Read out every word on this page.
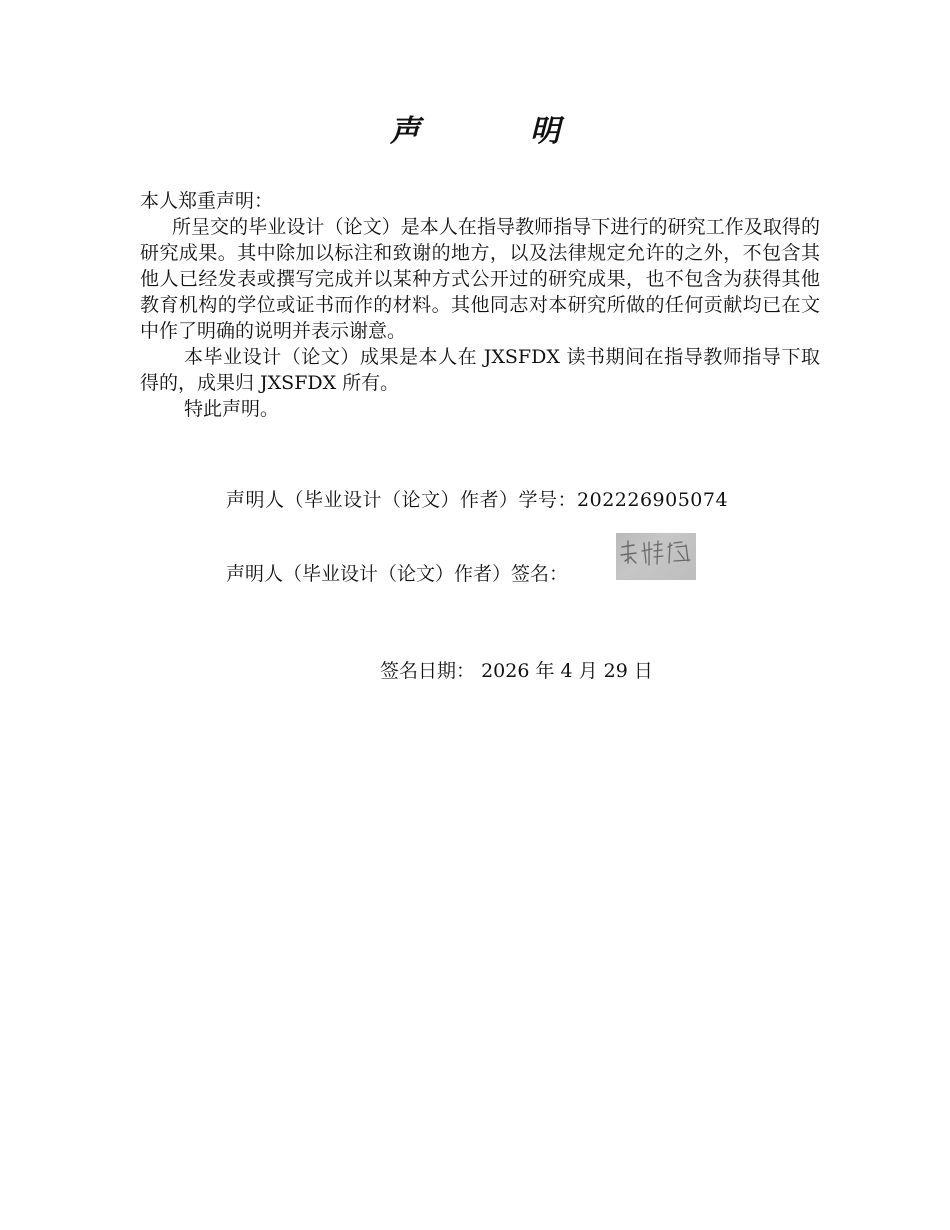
声　明

本人郑重声明：

所呈交的毕业设计（论文）是本人在指导教师指导下进行的研究工作及取得的研究成果。其中除加以标注和致谢的地方，以及法律规定允许的之外，不包含其他人已经发表或撰写完成并以某种方式公开过的研究成果，也不包含为获得其他教育机构的学位或证书而作的材料。其他同志对本研究所做的任何贡献均已在文中作了明确的说明并表示谢意。

本毕业设计（论文）成果是本人在 JXSFDX 读书期间在指导教师指导下取得的，成果归 JXSFDX 所有。

特此声明。

声明人（毕业设计（论文）作者）学号：202226905074
声明人（毕业设计（论文）作者）签名：
签名日期： 2026 年 4 月 29 日
